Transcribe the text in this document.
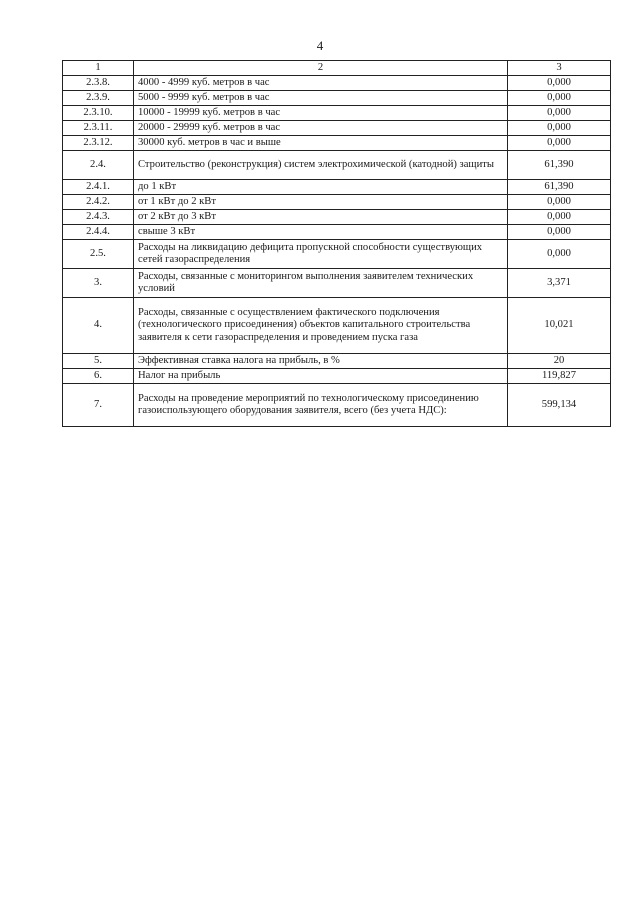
4
1	2	3
2.3.8.	4000 - 4999 куб. метров в час	0,000
2.3.9.	5000 - 9999 куб. метров в час	0,000
2.3.10.	10000 - 19999 куб. метров в час	0,000
2.3.11.	20000 - 29999 куб. метров в час	0,000
2.3.12.	30000 куб. метров в час и выше	0,000
2.4.	Строительство (реконструкция) систем электрохимической (катодной) защиты	61,390
2.4.1.	до 1 кВт	61,390
2.4.2.	от 1 кВт до 2 кВт	0,000
2.4.3.	от 2 кВт до 3 кВт	0,000
2.4.4.	свыше 3 кВт	0,000
2.5.	Расходы на ликвидацию дефицита пропускной способности существующих сетей газораспределения	0,000
3.	Расходы, связанные с мониторингом выполнения заявителем технических условий	3,371
4.	Расходы, связанные с осуществлением фактического подключения (технологического присоединения) объектов капитального строительства заявителя к сети газораспределения и проведением пуска газа	10,021
5.	Эффективная ставка налога на прибыль, в %	20
6.	Налог на прибыль	119,827
7.	Расходы на проведение мероприятий по технологическому присоединению газоиспользующего оборудования заявителя, всего (без учета НДС):	599,134
